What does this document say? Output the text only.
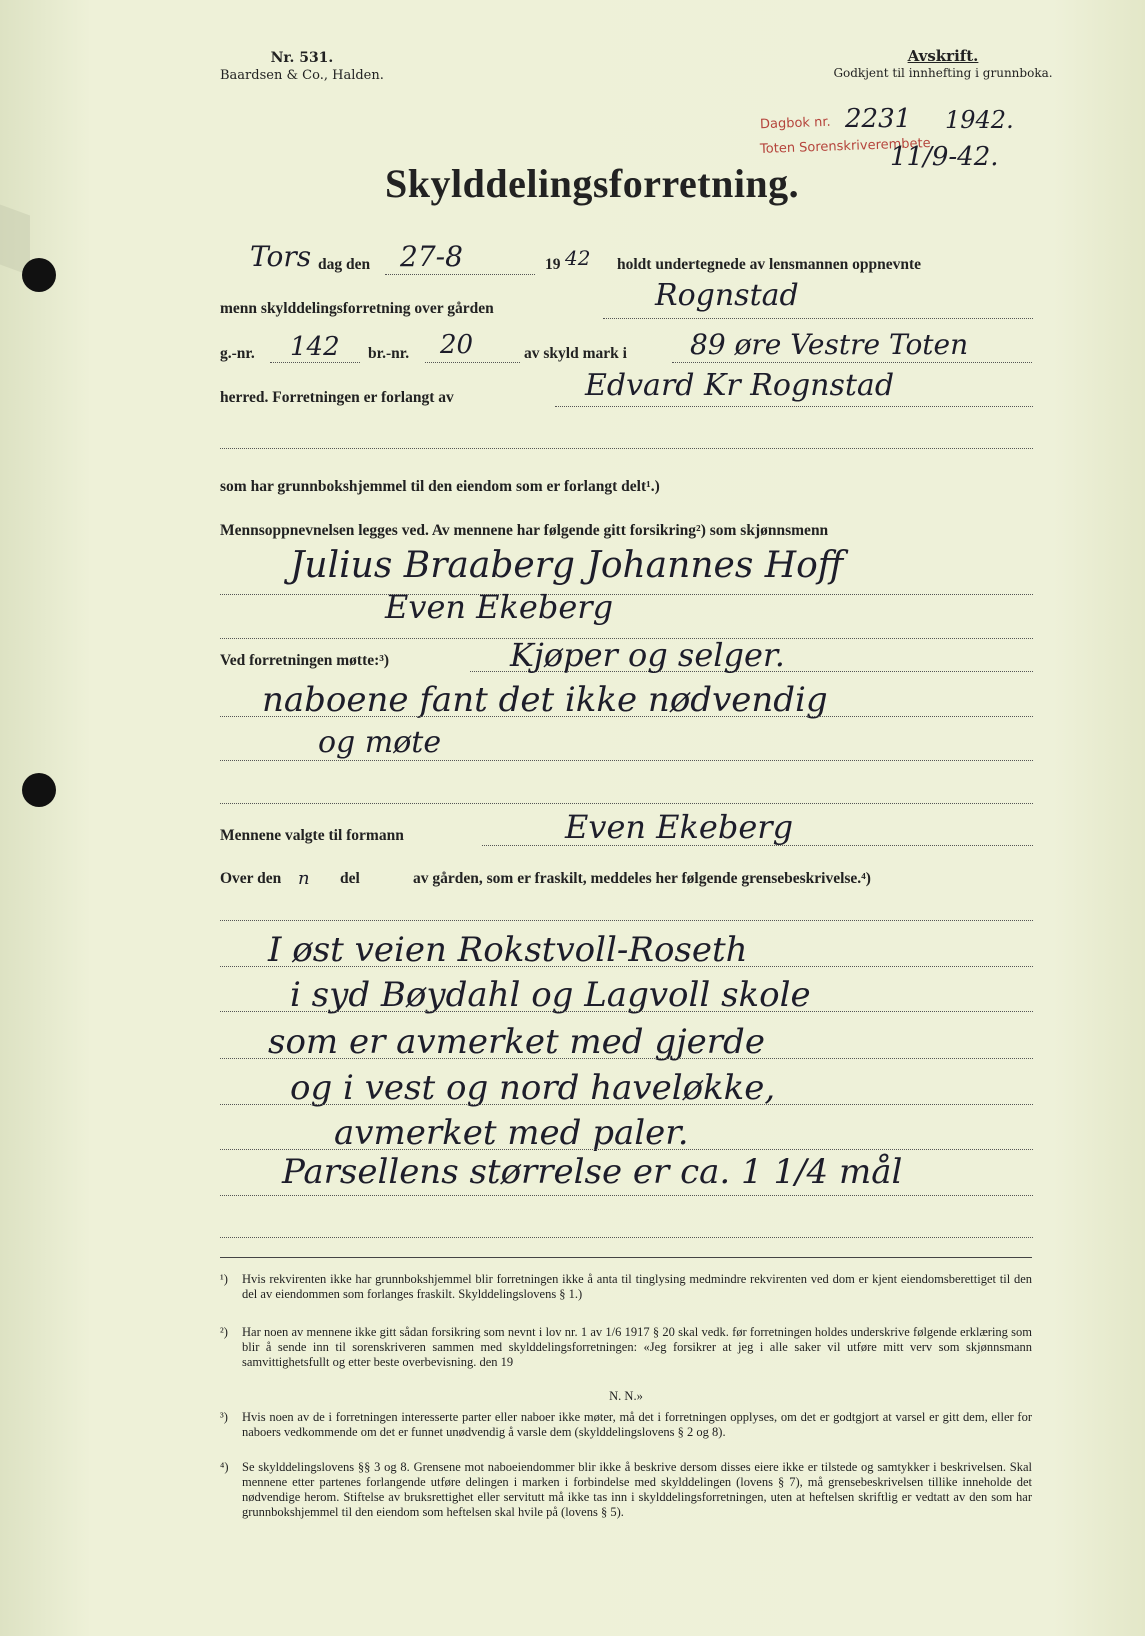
Nr. 531.
Baardsen & Co., Halden.
Avskrift.
Godkjent til innhefting i grunnboka.
Dagbok nr.
Toten Sorenskriverembete
2231 1942.
11/9-42.
Skylddelingsforretning.
Tors dag den 27-8	19 42 holdt undertegnede av lensmannen oppnevnte
menn skylddelingsforretning over gården	Rognstad
g.-nr. 142 br.-nr. 20	av skyld mark i 89 øre Vestre Toten
herred. Forretningen er forlangt av	Edvard Kr Rognstad
som har grunnbokshjemmel til den eiendom som er forlangt delt¹.)
Mennsoppnevnelsen legges ved. Av mennene har følgende gitt forsikring²) som skjønnsmenn
Julius Braaberg Johannes Hoff
Even Ekeberg
Ved forretningen møtte:³)	Kjøper og selger.
naboene fant det ikke nødvendig
og møte
Mennene valgte til formann	Even Ekeberg
Over den n del	av gården, som er fraskilt, meddeles her følgende grensebeskrivelse.⁴)
I øst veien Rokstvoll-Roseth
i syd Bøydahl og Lagvoll skole
som er avmerket med gjerde
og i vest og nord haveløkke,
avmerket med paler.
Parsellens størrelse er ca. 1 1/4 mål
¹) Hvis rekvirenten ikke har grunnbokshjemmel blir forretningen ikke å anta til tinglysing medmindre rekvirenten ved dom er kjent eiendomsberettiget til den del av eiendommen som forlanges fraskilt. Skylddelingslovens § 1.)
²) Har noen av mennene ikke gitt sådan forsikring som nevnt i lov nr. 1 av 1/6 1917 § 20 skal vedk. før forretningen holdes underskrive følgende erklæring som blir å sende inn til sorenskriveren sammen med skylddelingsforretningen: «Jeg forsikrer at jeg i alle saker vil utføre mitt verv som skjønnsmann samvittighetsfullt og etter beste overbevisning. den 19
N. N.»
³) Hvis noen av de i forretningen interesserte parter eller naboer ikke møter, må det i forretningen opplyses, om det er godtgjort at varsel er gitt dem, eller for naboers vedkommende om det er funnet unødvendig å varsle dem (skylddelingslovens § 2 og 8).
⁴) Se skylddelingslovens §§ 3 og 8. Grensene mot naboeiendommer blir ikke å beskrive dersom disses eiere ikke er tilstede og samtykker i beskrivelsen. Skal mennene etter partenes forlangende utføre delingen i marken i forbindelse med skylddelingen (lovens § 7), må grensebeskrivelsen tillike inneholde det nødvendige herom. Stiftelse av bruksrettighet eller servitutt må ikke tas inn i skylddelingsforretningen, uten at heftelsen skriftlig er vedtatt av den som har grunnbokshjemmel til den eiendom som heftelsen skal hvile på (lovens § 5).
